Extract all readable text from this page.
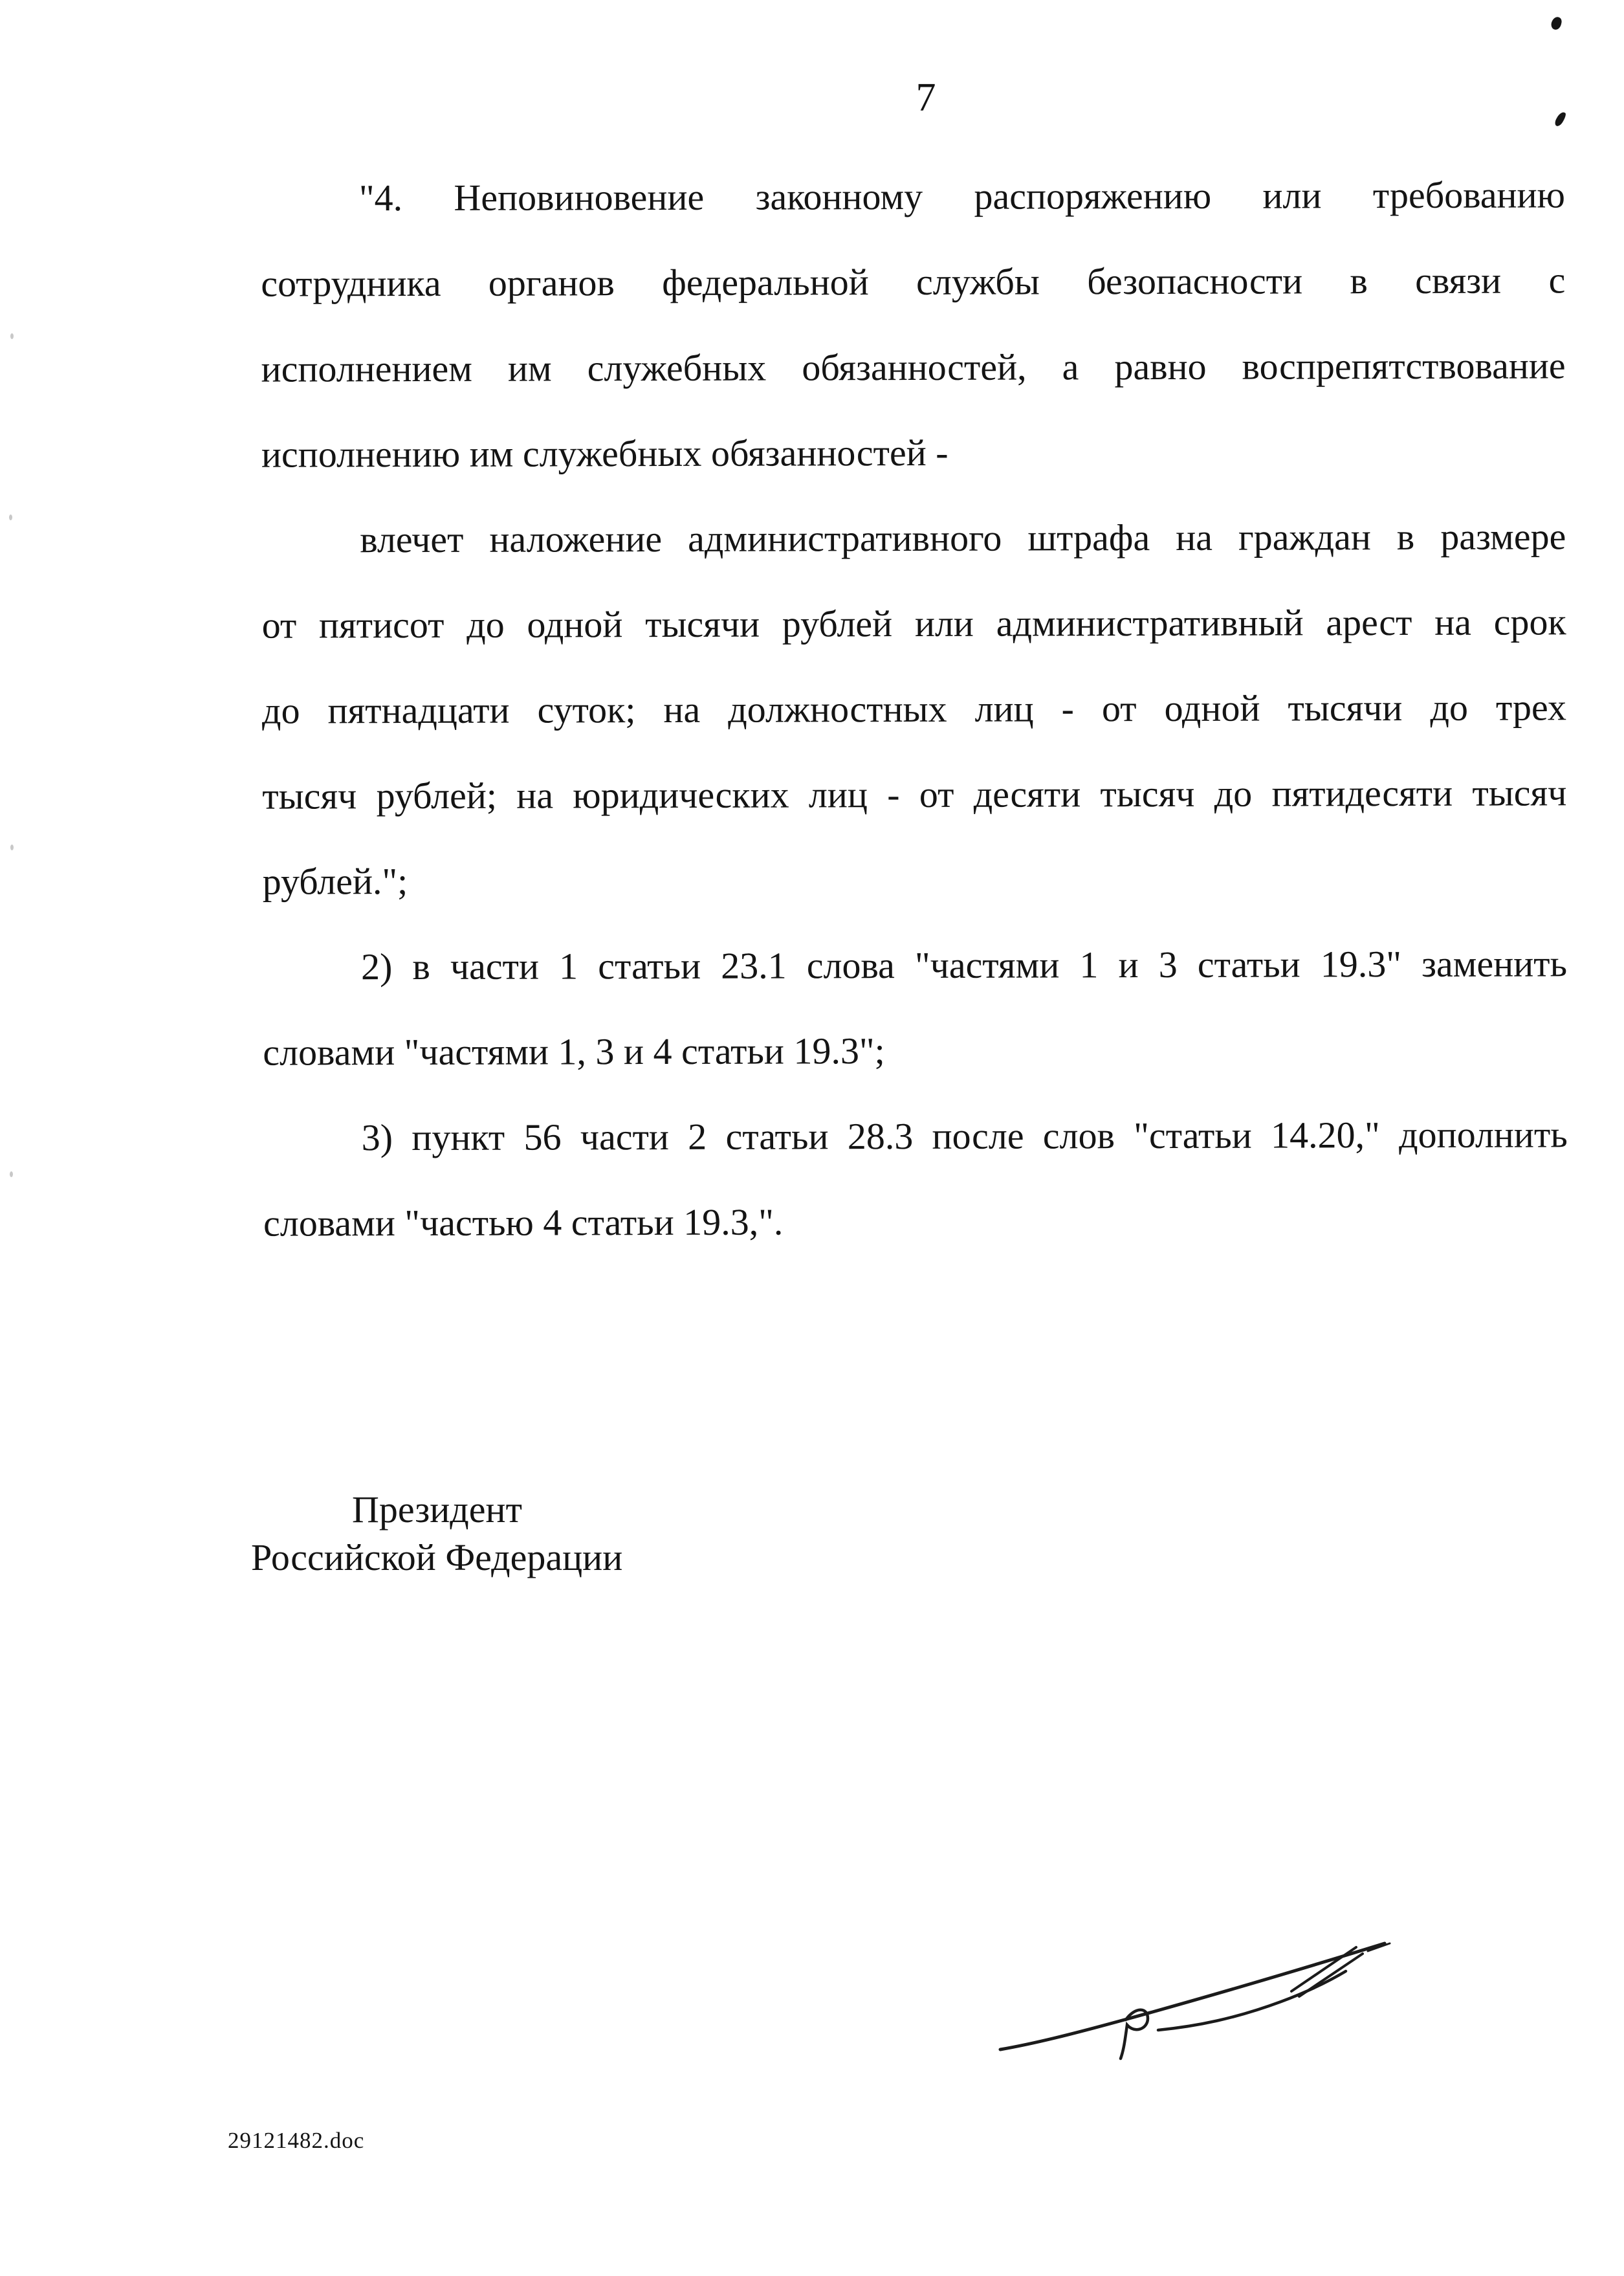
7
"4. Неповиновение законному распоряжению или требованию
сотрудника органов федеральной службы безопасности в связи с
исполнением им служебных обязанностей, а равно воспрепятствование
исполнению им служебных обязанностей -
влечет наложение административного штрафа на граждан в размере
от пятисот до одной тысячи рублей или административный арест на срок
до пятнадцати суток; на должностных лиц - от одной тысячи до трех
тысяч рублей; на юридических лиц - от десяти тысяч до пятидесяти тысяч
рублей.";
2) в части 1 статьи 23.1 слова "частями 1 и 3 статьи 19.3" заменить
словами "частями 1, 3 и 4 статьи 19.3";
3) пункт 56 части 2 статьи 28.3 после слов "статьи 14.20," дополнить
словами "частью 4 статьи 19.3,".
Президент
Российской Федерации
29121482.doc
